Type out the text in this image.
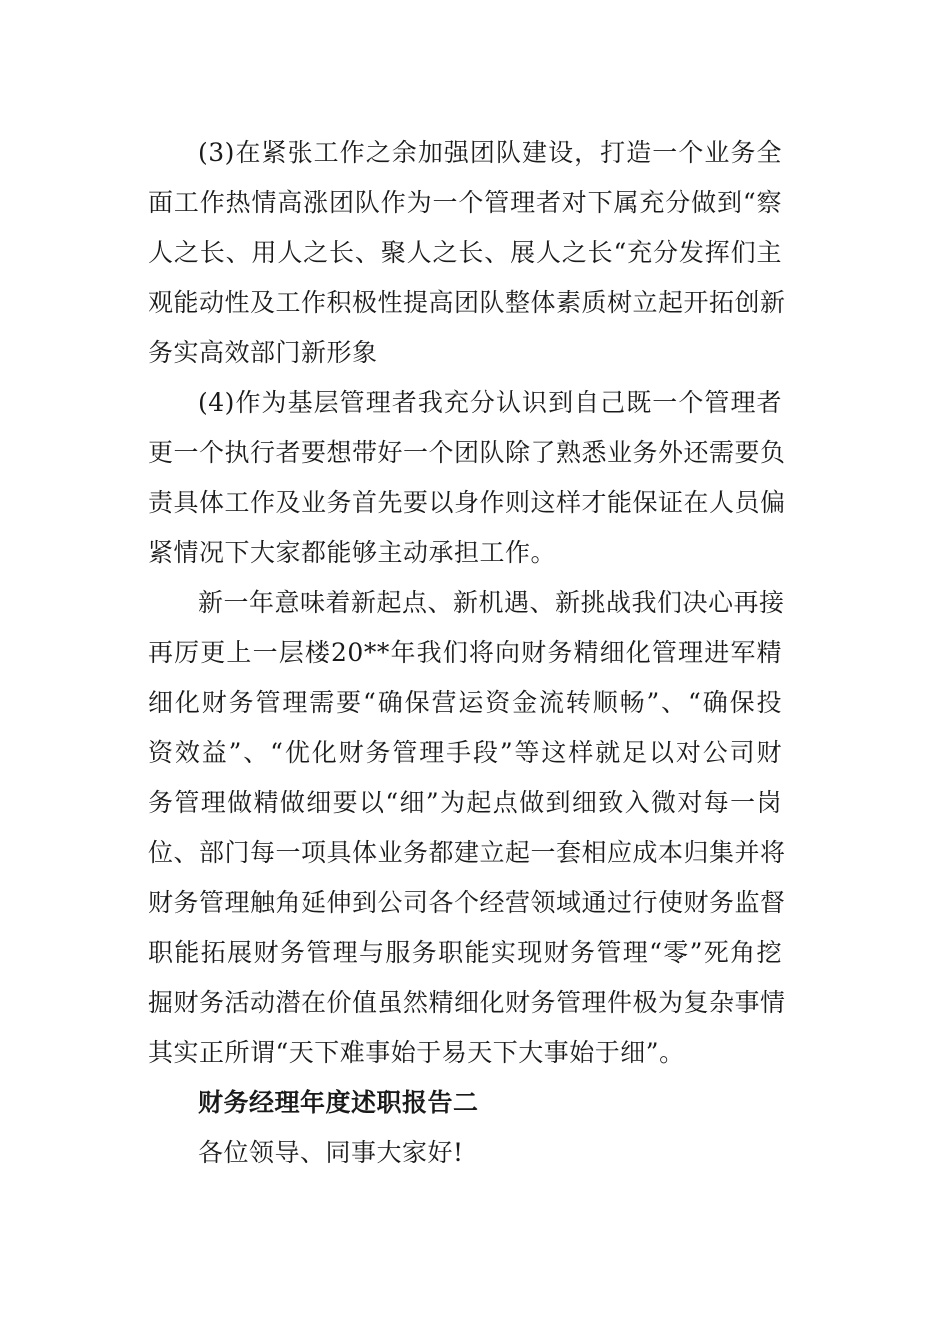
(3)在紧张工作之余加强团队建设，打造一个业务全
面工作热情高涨团队作为一个管理者对下属充分做到“察
人之长、用人之长、聚人之长、展人之长“充分发挥们主
观能动性及工作积极性提高团队整体素质树立起开拓创新
务实高效部门新形象
(4)作为基层管理者我充分认识到自己既一个管理者
更一个执行者要想带好一个团队除了熟悉业务外还需要负
责具体工作及业务首先要以身作则这样才能保证在人员偏
紧情况下大家都能够主动承担工作。
新一年意味着新起点、新机遇、新挑战我们决心再接
再厉更上一层楼20**年我们将向财务精细化管理进军精
细化财务管理需要“确保营运资金流转顺畅”、“确保投
资效益”、“优化财务管理手段”等这样就足以对公司财
务管理做精做细要以“细”为起点做到细致入微对每一岗
位、部门每一项具体业务都建立起一套相应成本归集并将
财务管理触角延伸到公司各个经营领域通过行使财务监督
职能拓展财务管理与服务职能实现财务管理“零”死角挖
掘财务活动潜在价值虽然精细化财务管理件极为复杂事情
其实正所谓“天下难事始于易天下大事始于细”。
财务经理年度述职报告二
各位领导、同事大家好!
